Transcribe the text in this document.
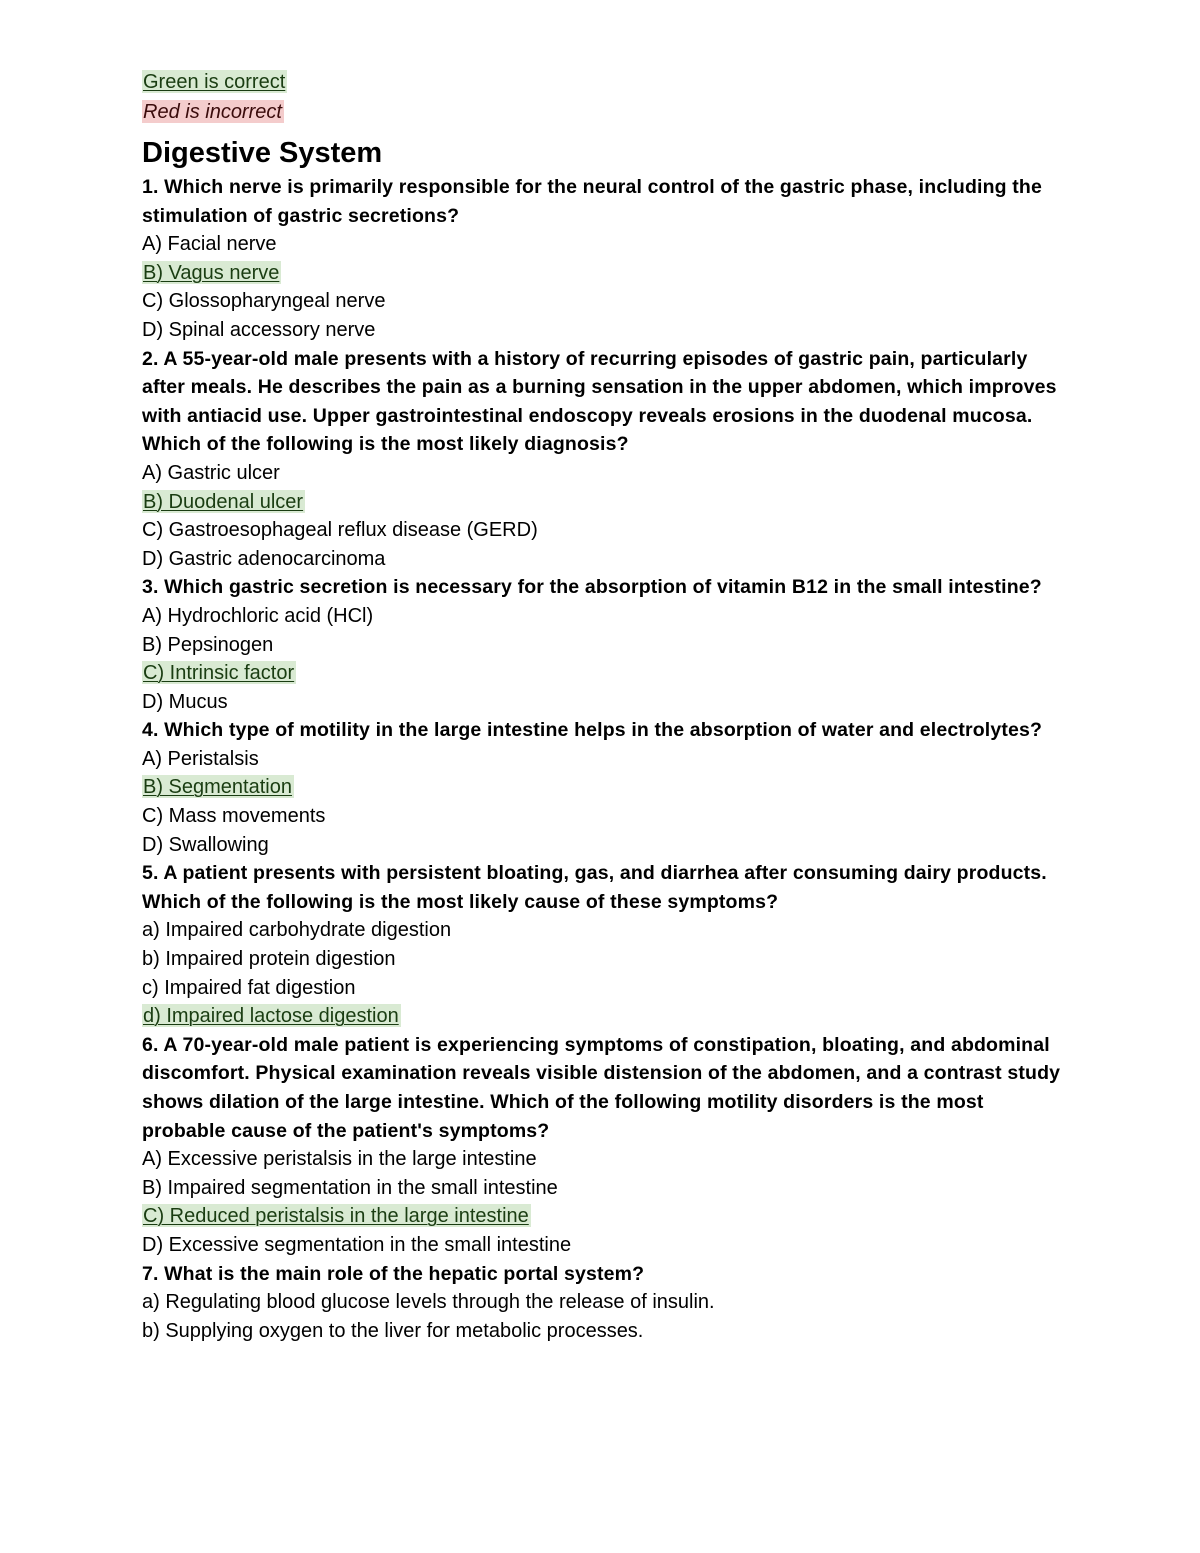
Green is correct
Red is incorrect
Digestive System
1. Which nerve is primarily responsible for the neural control of the gastric phase, including the stimulation of gastric secretions?
A) Facial nerve
B) Vagus nerve
C) Glossopharyngeal nerve
D) Spinal accessory nerve
2. A 55-year-old male presents with a history of recurring episodes of gastric pain, particularly after meals. He describes the pain as a burning sensation in the upper abdomen, which improves with antiacid use. Upper gastrointestinal endoscopy reveals erosions in the duodenal mucosa. Which of the following is the most likely diagnosis?
A) Gastric ulcer
B) Duodenal ulcer
C) Gastroesophageal reflux disease (GERD)
D) Gastric adenocarcinoma
3. Which gastric secretion is necessary for the absorption of vitamin B12 in the small intestine?
A) Hydrochloric acid (HCl)
B) Pepsinogen
C) Intrinsic factor
D) Mucus
4. Which type of motility in the large intestine helps in the absorption of water and electrolytes?
A) Peristalsis
B) Segmentation
C) Mass movements
D) Swallowing
5. A patient presents with persistent bloating, gas, and diarrhea after consuming dairy products. Which of the following is the most likely cause of these symptoms?
a) Impaired carbohydrate digestion
b) Impaired protein digestion
c) Impaired fat digestion
d) Impaired lactose digestion
6. A 70-year-old male patient is experiencing symptoms of constipation, bloating, and abdominal discomfort. Physical examination reveals visible distension of the abdomen, and a contrast study shows dilation of the large intestine. Which of the following motility disorders is the most probable cause of the patient's symptoms?
A) Excessive peristalsis in the large intestine
B) Impaired segmentation in the small intestine
C) Reduced peristalsis in the large intestine
D) Excessive segmentation in the small intestine
7. What is the main role of the hepatic portal system?
a) Regulating blood glucose levels through the release of insulin.
b) Supplying oxygen to the liver for metabolic processes.
